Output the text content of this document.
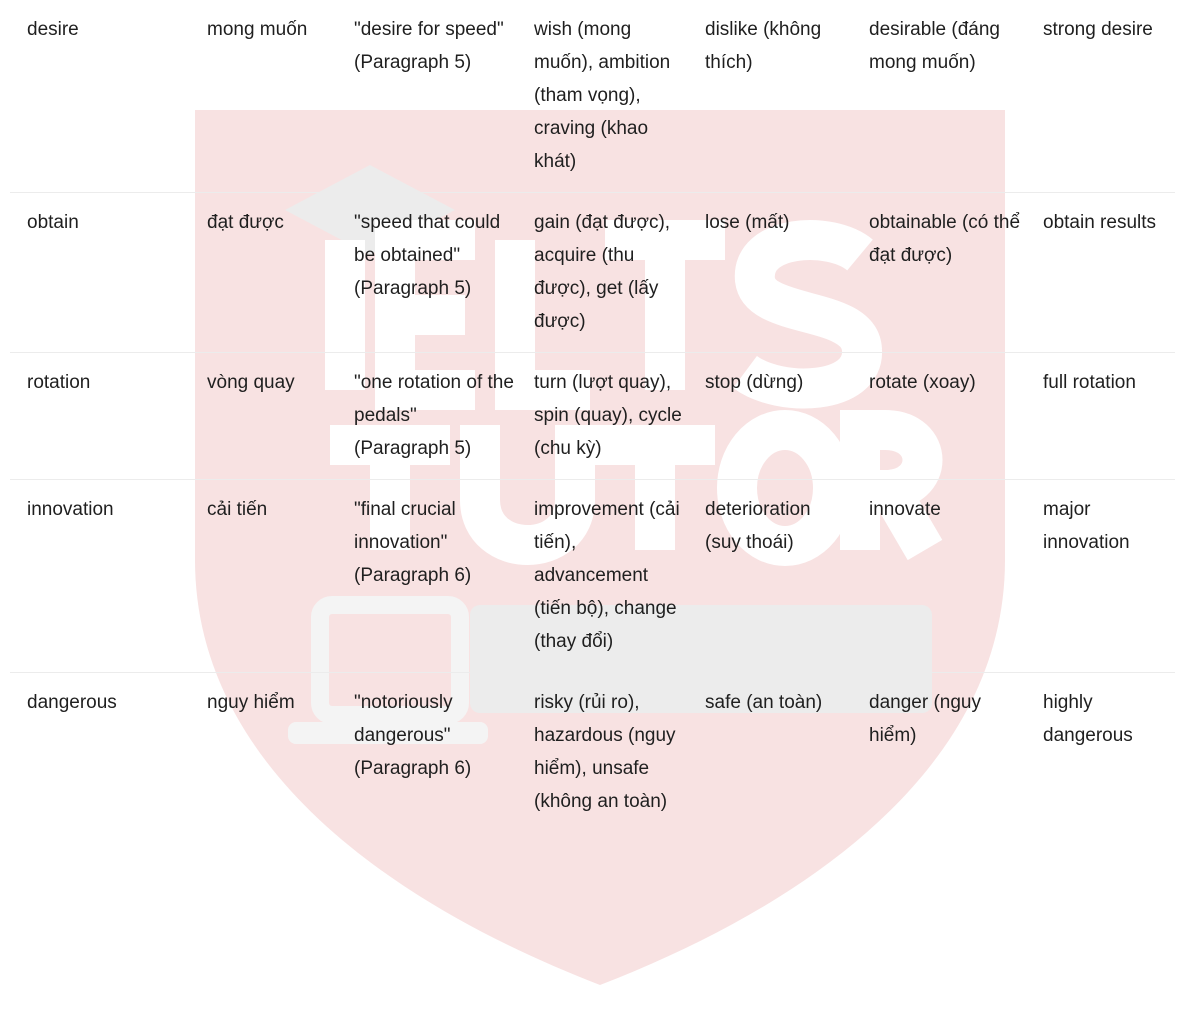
desire	mong muốn	"desire for speed" (Paragraph 5)	wish (mong muốn), ambition (tham vọng), craving (khao khát)	dislike (không thích)	desirable (đáng mong muốn)	strong desire
obtain	đạt được	"speed that could be obtained" (Paragraph 5)	gain (đạt được), acquire (thu được), get (lấy được)	lose (mất)	obtainable (có thể đạt được)	obtain results
rotation	vòng quay	"one rotation of the pedals" (Paragraph 5)	turn (lượt quay), spin (quay), cycle (chu kỳ)	stop (dừng)	rotate (xoay)	full rotation
innovation	cải tiến	"final crucial innovation" (Paragraph 6)	improvement (cải tiến), advancement (tiến bộ), change (thay đổi)	deterioration (suy thoái)	innovate	major innovation
dangerous	nguy hiểm	"notoriously dangerous" (Paragraph 6)	risky (rủi ro), hazardous (nguy hiểm), unsafe (không an toàn)	safe (an toàn)	danger (nguy hiểm)	highly dangerous
